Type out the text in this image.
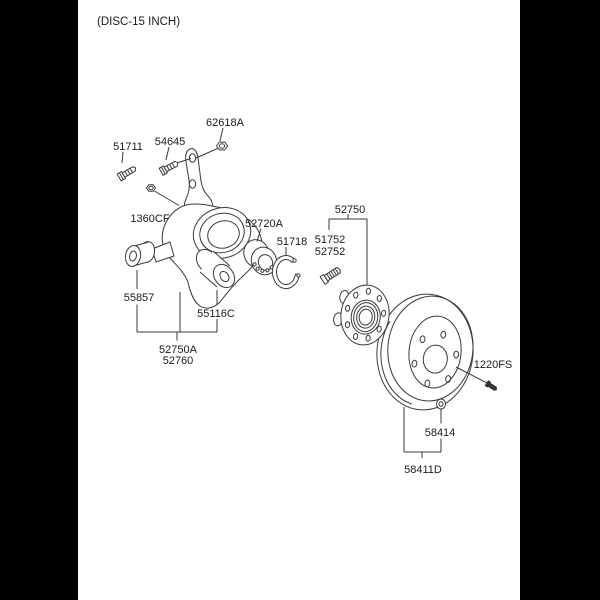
(DISC-15 INCH)
62618A
51711 54645
1360CF	52720A
51718
52750
51752
52752
55857
55116C
52750A
52760	1220FS
58414
58411D
